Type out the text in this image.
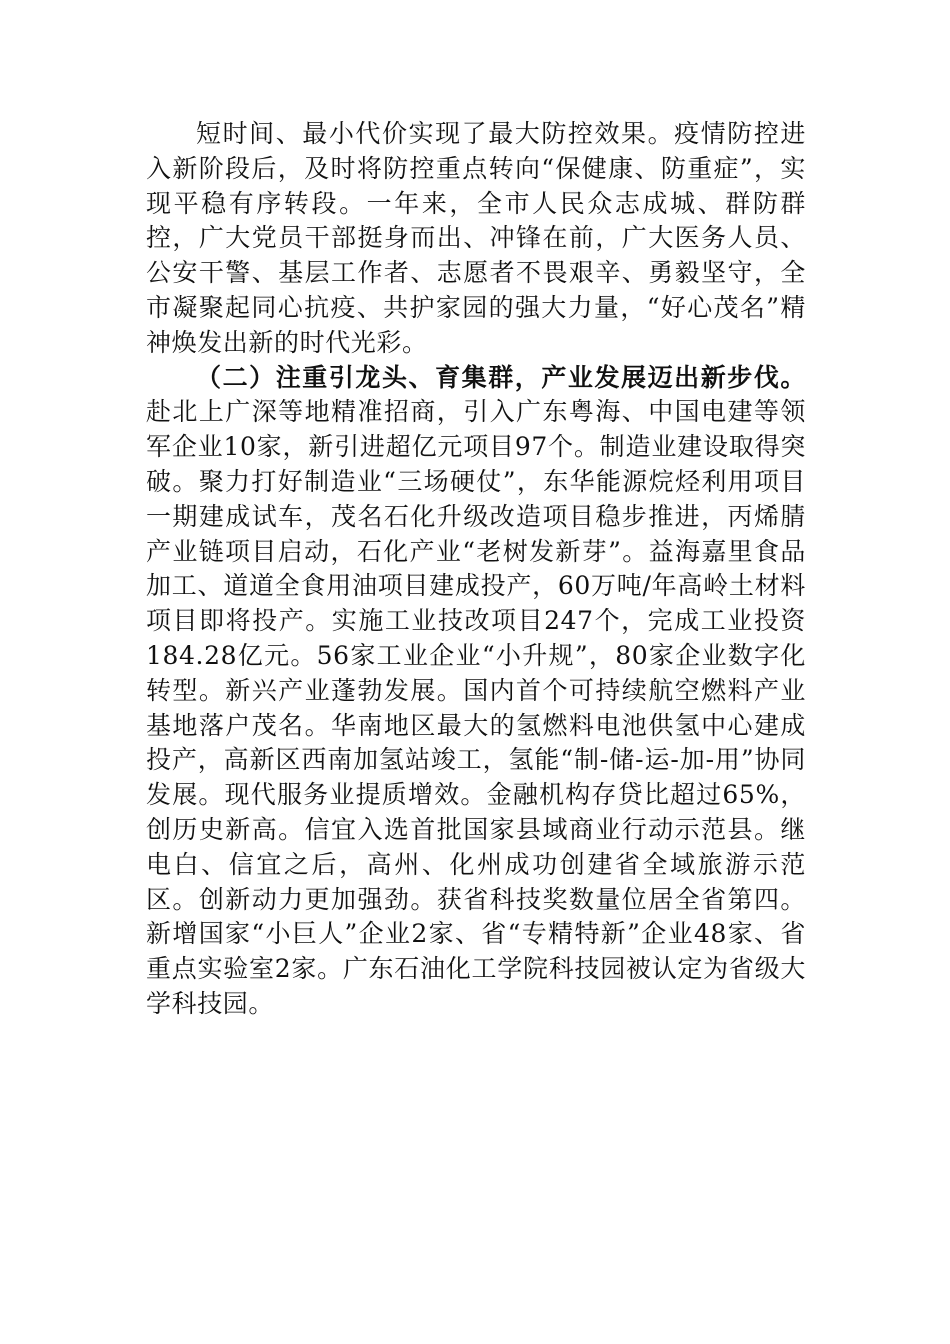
短时间、最小代价实现了最大防控效果。疫情防控进入新阶段后，及时将防控重点转向“保健康、防重症”，实现平稳有序转段。一年来，全市人民众志成城、群防群控，广大党员干部挺身而出、冲锋在前，广大医务人员、公安干警、基层工作者、志愿者不畏艰辛、勇毅坚守，全市凝聚起同心抗疫、共护家园的强大力量，“好心茂名”精神焕发出新的时代光彩。

（二）注重引龙头、育集群，产业发展迈出新步伐。赴北上广深等地精准招商，引入广东粤海、中国电建等领军企业10家，新引进超亿元项目97个。制造业建设取得突破。聚力打好制造业“三场硬仗”，东华能源烷烃利用项目一期建成试车，茂名石化升级改造项目稳步推进，丙烯腈产业链项目启动，石化产业“老树发新芽”。益海嘉里食品加工、道道全食用油项目建成投产，60万吨/年高岭土材料项目即将投产。实施工业技改项目247个，完成工业投资184.28亿元。56家工业企业“小升规”，80家企业数字化转型。新兴产业蓬勃发展。国内首个可持续航空燃料产业基地落户茂名。华南地区最大的氢燃料电池供氢中心建成投产，高新区西南加氢站竣工，氢能“制-储-运-加-用”协同发展。现代服务业提质增效。金融机构存贷比超过65%，创历史新高。信宜入选首批国家县域商业行动示范县。继电白、信宜之后，高州、化州成功创建省全域旅游示范区。创新动力更加强劲。获省科技奖数量位居全省第四。新增国家“小巨人”企业2家、省“专精特新”企业48家、省重点实验室2家。广东石油化工学院科技园被认定为省级大学科技园。
